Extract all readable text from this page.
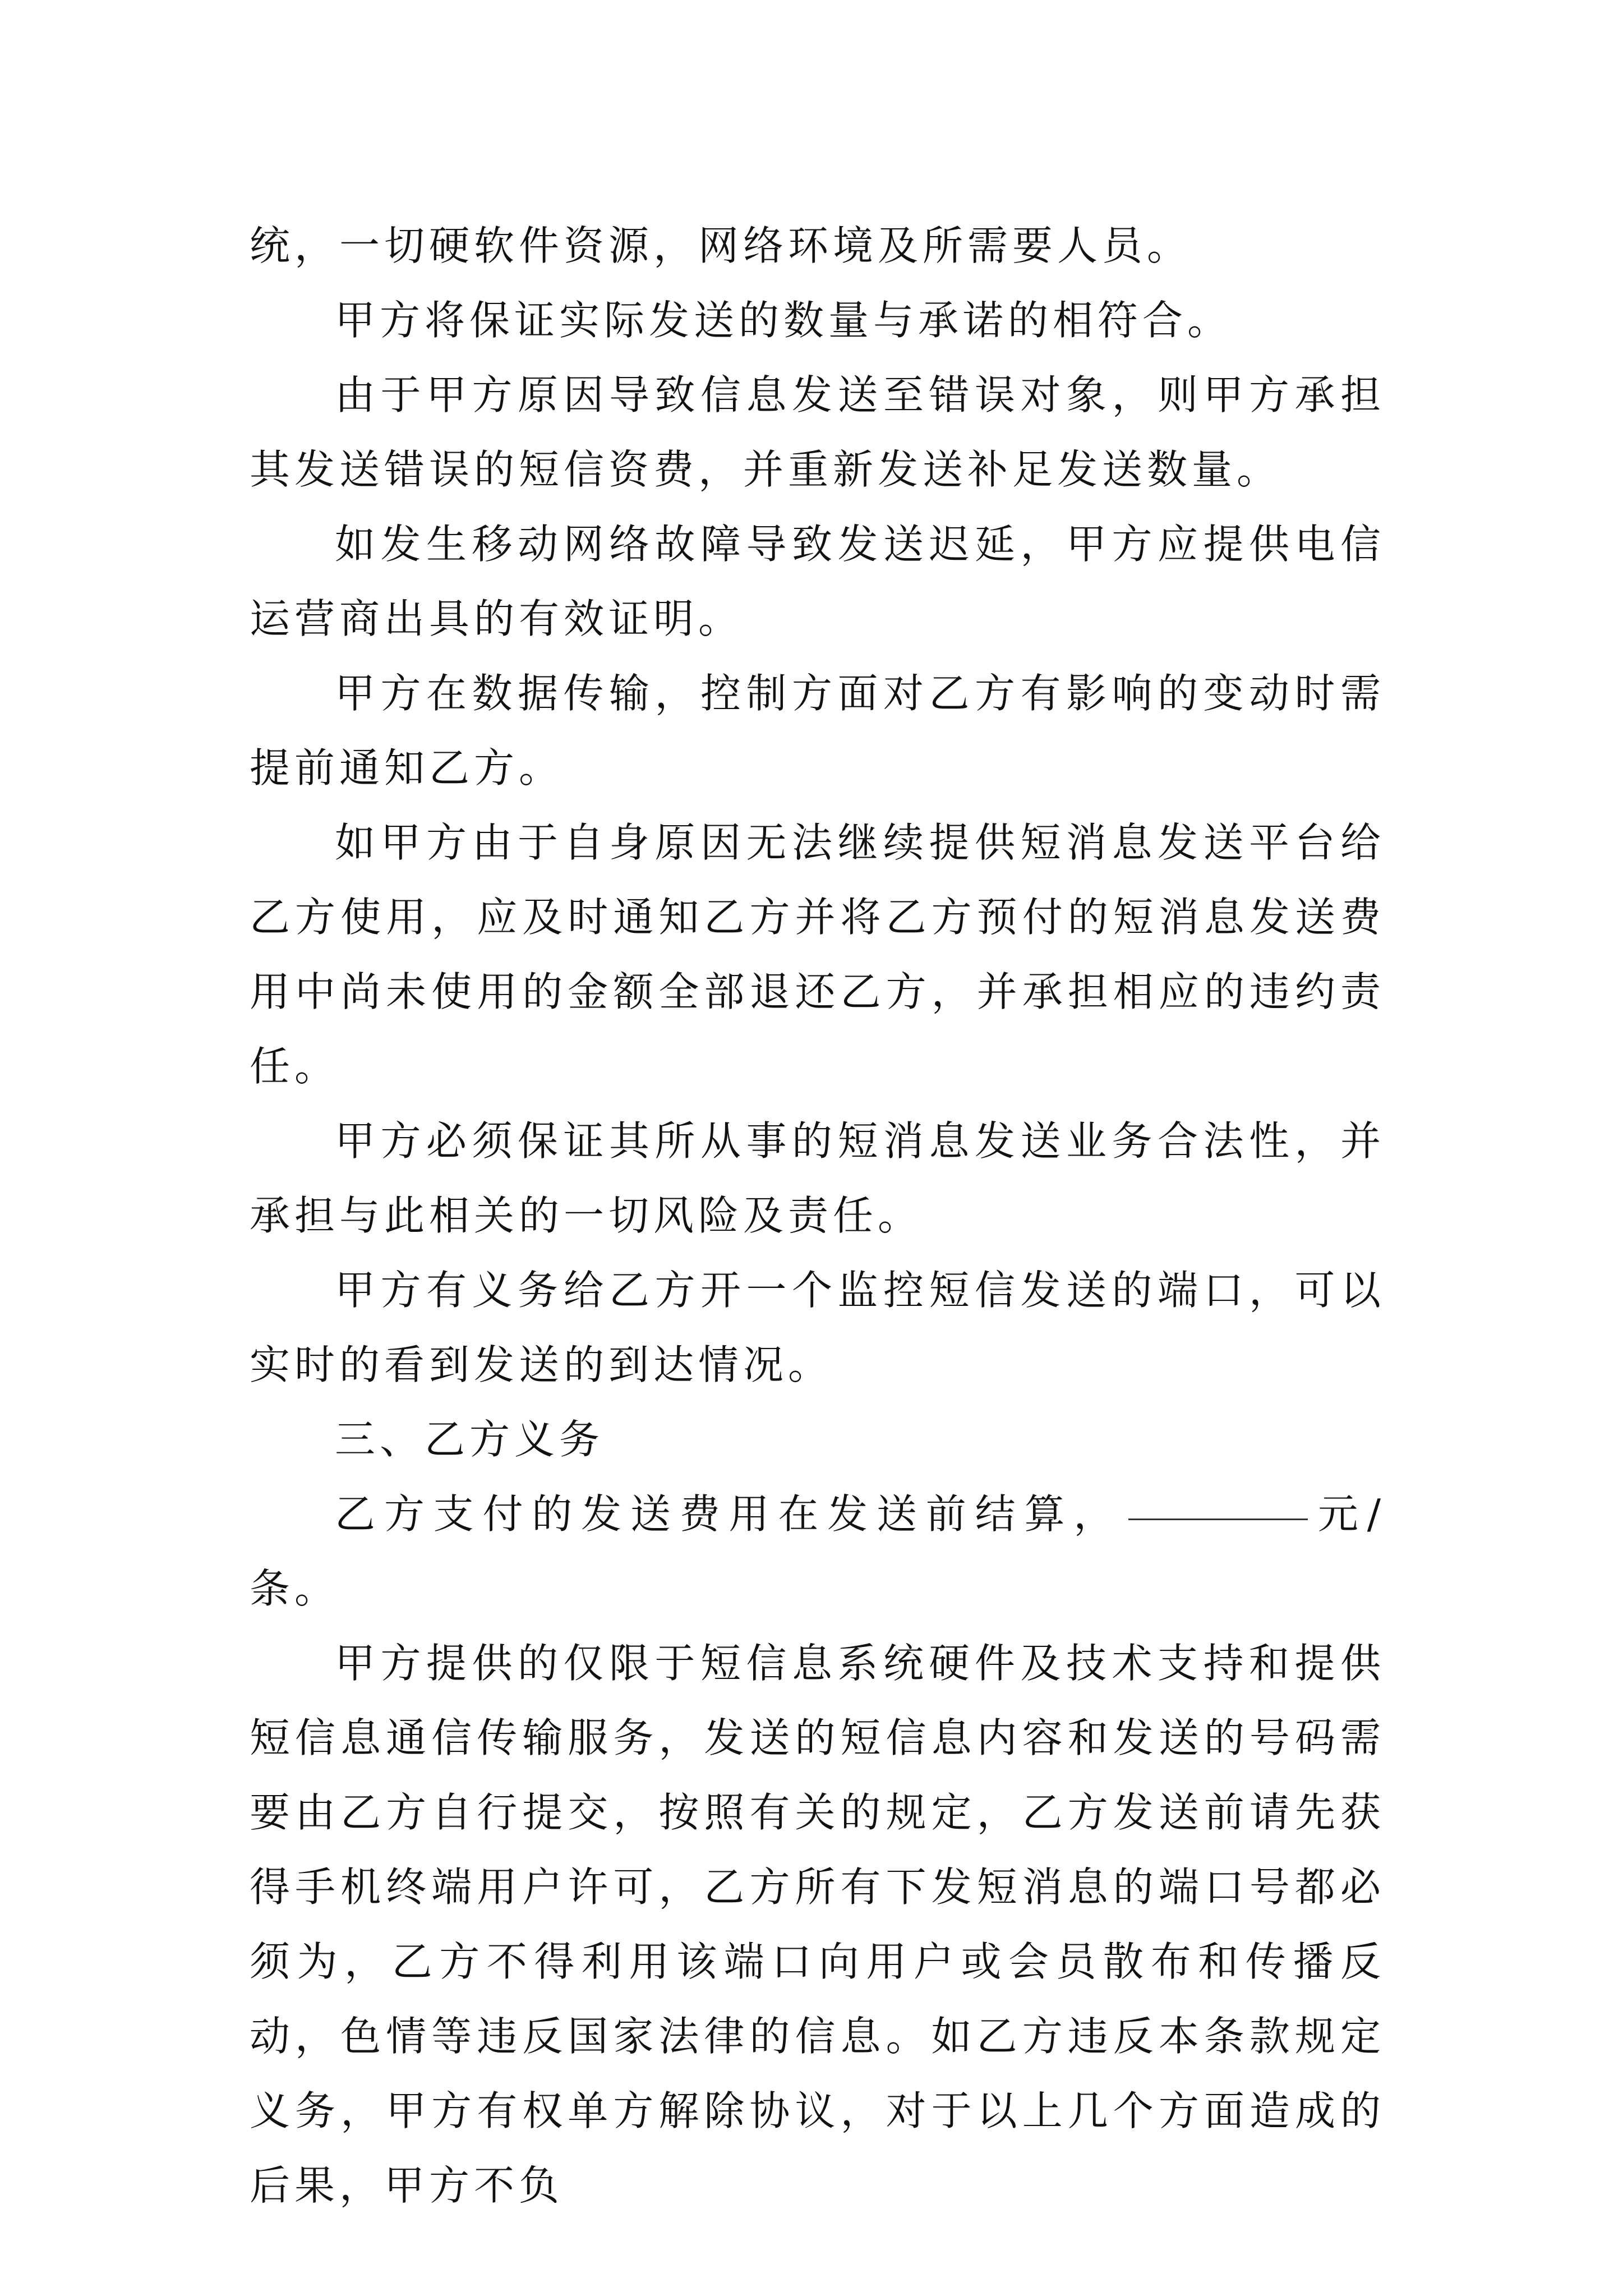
统，一切硬软件资源，网络环境及所需要人员。

甲方将保证实际发送的数量与承诺的相符合。

由于甲方原因导致信息发送至错误对象，则甲方承担其发送错误的短信资费，并重新发送补足发送数量。

如发生移动网络故障导致发送迟延，甲方应提供电信运营商出具的有效证明。

甲方在数据传输，控制方面对乙方有影响的变动时需提前通知乙方。

如甲方由于自身原因无法继续提供短消息发送平台给乙方使用，应及时通知乙方并将乙方预付的短消息发送费用中尚未使用的金额全部退还乙方，并承担相应的违约责任。

甲方必须保证其所从事的短消息发送业务合法性，并承担与此相关的一切风险及责任。

甲方有义务给乙方开一个监控短信发送的端口，可以实时的看到发送的到达情况。

三、乙方义务

乙方支付的发送费用在发送前结算，	元/条。

甲方提供的仅限于短信息系统硬件及技术支持和提供短信息通信传输服务，发送的短信息内容和发送的号码需要由乙方自行提交，按照有关的规定，乙方发送前请先获得手机终端用户许可，乙方所有下发短消息的端口号都必须为，乙方不得利用该端口向用户或会员散布和传播反动，色情等违反国家法律的信息。如乙方违反本条款规定义务，甲方有权单方解除协议，对于以上几个方面造成的后果，甲方不负
